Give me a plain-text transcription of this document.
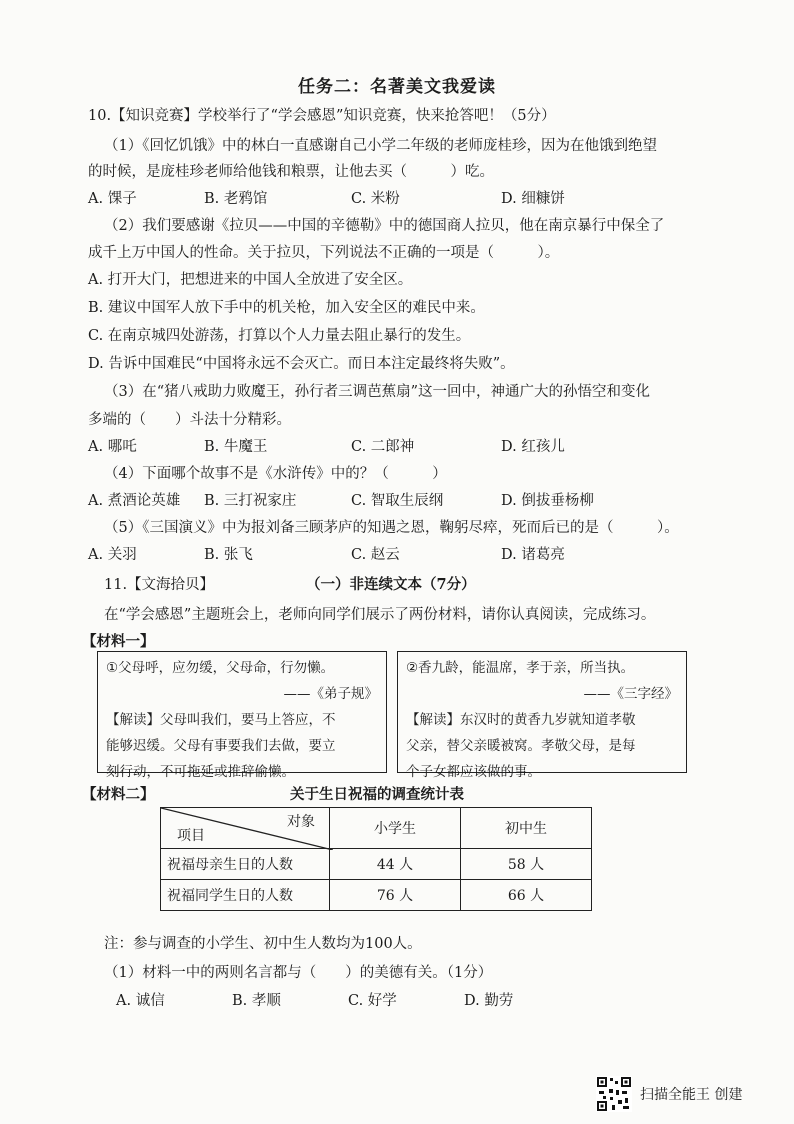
任务二：名著美文我爱读
10.【知识竞赛】学校举行了“学会感恩”知识竞赛，快来抢答吧！（5分）
（1）《回忆饥饿》中的林白一直感谢自己小学二年级的老师庞桂珍，因为在他饿到绝望
的时候，是庞桂珍老师给他钱和粮票，让他去买（　　　）吃。
A. 馃子	B. 老鸦馆	C. 米粉	D. 细糠饼
（2）我们要感谢《拉贝——中国的辛德勒》中的德国商人拉贝，他在南京暴行中保全了
成千上万中国人的性命。关于拉贝，下列说法不正确的一项是（　　　）。
A. 打开大门，把想进来的中国人全放进了安全区。
B. 建议中国军人放下手中的机关枪，加入安全区的难民中来。
C. 在南京城四处游荡，打算以个人力量去阻止暴行的发生。
D. 告诉中国难民“中国将永远不会灭亡。而日本注定最终将失败”。
（3）在“猪八戒助力败魔王，孙行者三调芭蕉扇”这一回中，神通广大的孙悟空和变化
多端的（　　）斗法十分精彩。
A. 哪吒	B. 牛魔王	C. 二郎神	D. 红孩儿
（4）下面哪个故事不是《水浒传》中的？（　　　）
A. 煮酒论英雄 B. 三打祝家庄	C. 智取生辰纲	D. 倒拔垂杨柳
（5）《三国演义》中为报刘备三顾茅庐的知遇之恩，鞠躬尽瘁，死而后已的是（　　　）。
A. 关羽	B. 张飞	C. 赵云	D. 诸葛亮
11.【文海拾贝】	（一）非连续文本（7分）
在“学会感恩”主题班会上，老师向同学们展示了两份材料，请你认真阅读，完成练习。
【材料一】
①父母呼，应勿缓，父母命，行勿懒。
——《弟子规》
【解读】父母叫我们，要马上答应，不
能够迟缓。父母有事要我们去做，要立
刻行动，不可拖延或推辞偷懒。
②香九龄，能温席，孝于亲，所当执。
——《三字经》
【解读】东汉时的黄香九岁就知道孝敬
父亲，替父亲暖被窝。孝敬父母，是每
个子女都应该做的事。
【材料二】	关于生日祝福的调查统计表
对象
项目	小学生	初中生
祝福母亲生日的人数	44 人	58 人
祝福同学生日的人数	76 人	66 人
注：参与调查的小学生、初中生人数均为100人。
（1）材料一中的两则名言都与（　　）的美德有关。（1分）
A. 诚信	B. 孝顺	C. 好学	D. 勤劳
扫描全能王 创建
